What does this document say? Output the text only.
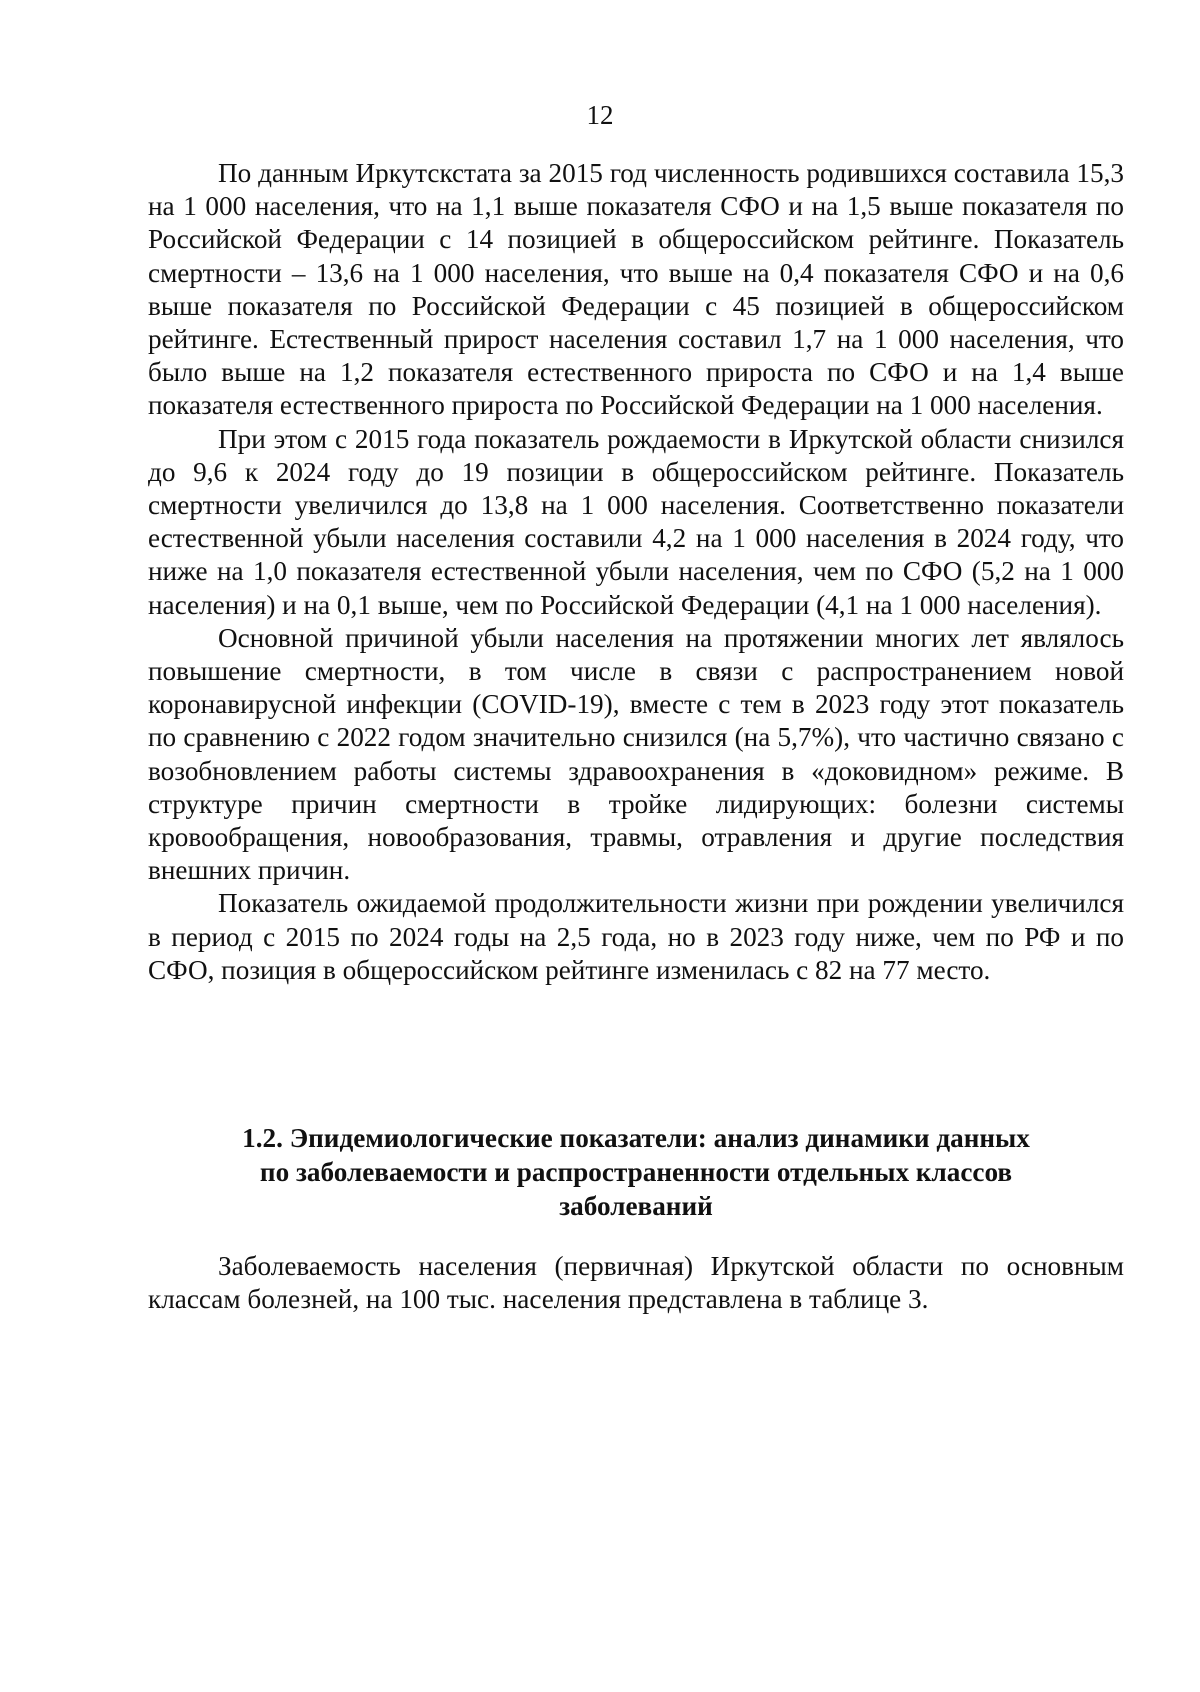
12

По данным Иркутскстата за 2015 год численность родившихся составила 15,3 на 1 000 населения, что на 1,1 выше показателя СФО и на 1,5 выше показателя по Российской Федерации с 14 позицией в общероссийском рейтинге. Показатель смертности – 13,6 на 1 000 населения, что выше на 0,4 показателя СФО и на 0,6 выше показателя по Российской Федерации с 45 позицией в общероссийском рейтинге. Естественный прирост населения составил 1,7 на 1 000 населения, что было выше на 1,2 показателя естественного прироста по СФО и на 1,4 выше показателя естественного прироста по Российской Федерации на 1 000 населения.

При этом с 2015 года показатель рождаемости в Иркутской области снизился до 9,6 к 2024 году до 19 позиции в общероссийском рейтинге. Показатель смертности увеличился до 13,8 на 1 000 населения. Соответственно показатели естественной убыли населения составили 4,2 на 1 000 населения в 2024 году, что ниже на 1,0 показателя естественной убыли населения, чем по СФО (5,2 на 1 000 населения) и на 0,1 выше, чем по Российской Федерации (4,1 на 1 000 населения).

Основной причиной убыли населения на протяжении многих лет являлось повышение смертности, в том числе в связи с распространением новой коронавирусной инфекции (COVID-19), вместе с тем в 2023 году этот показатель по сравнению с 2022 годом значительно снизился (на 5,7%), что частично связано с возобновлением работы системы здравоохранения в «доковидном» режиме. В структуре причин смертности в тройке лидирующих: болезни системы кровообращения, новообразования, травмы, отравления и другие последствия внешних причин.

Показатель ожидаемой продолжительности жизни при рождении увеличился в период с 2015 по 2024 годы на 2,5 года, но в 2023 году ниже, чем по РФ и по СФО, позиция в общероссийском рейтинге изменилась с 82 на 77 место.

1.2. Эпидемиологические показатели: анализ динамики данных
по заболеваемости и распространенности отдельных классов
заболеваний

Заболеваемость населения (первичная) Иркутской области по основным классам болезней, на 100 тыс. населения представлена в таблице 3.
